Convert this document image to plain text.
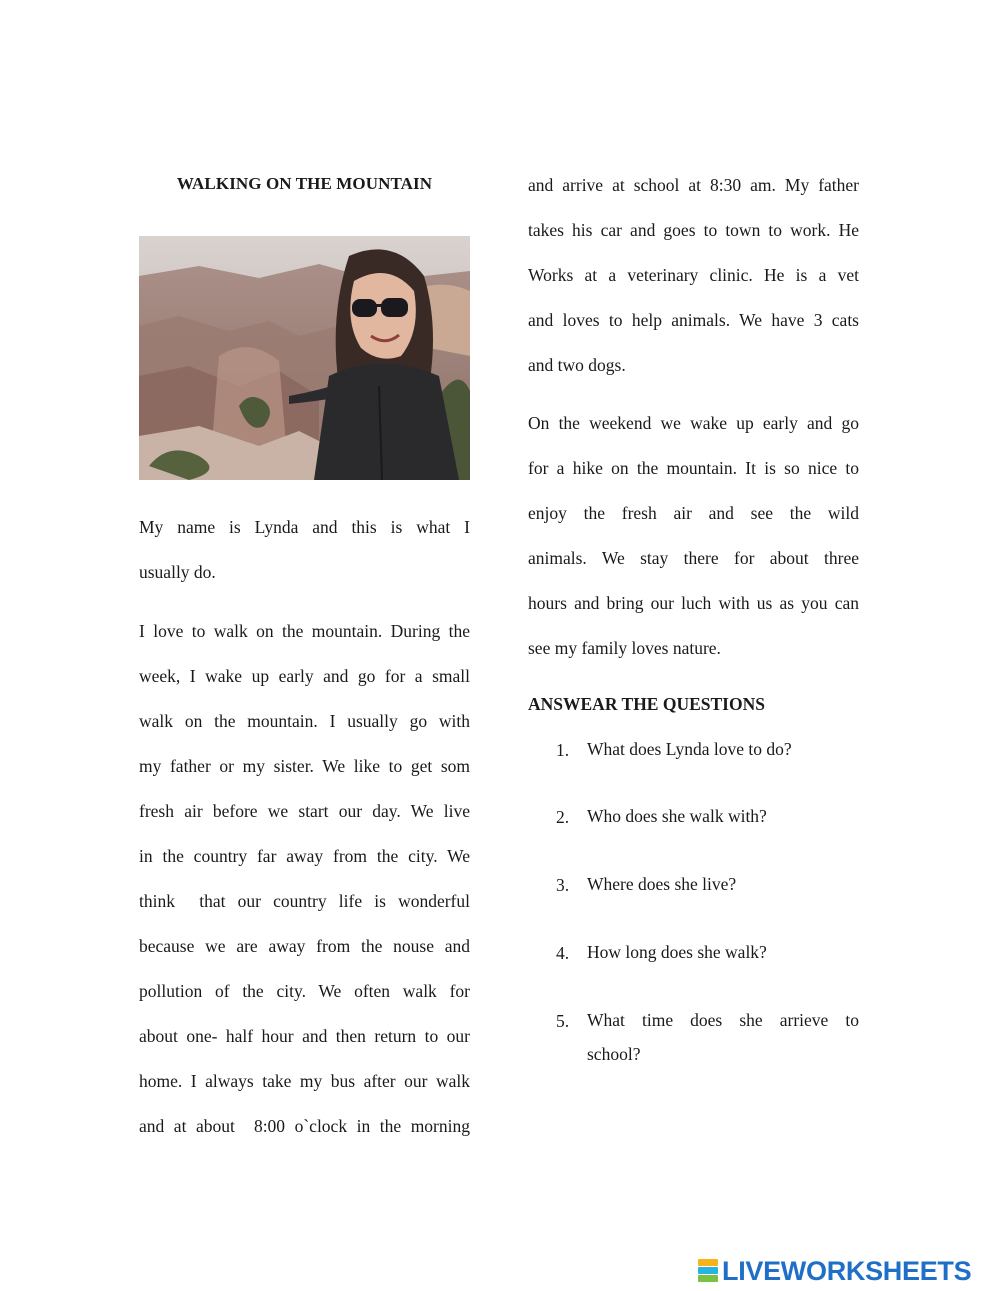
WALKING ON THE MOUNTAIN

My name is Lynda and this is what I
usually do.

I love to walk on the mountain. During the
week, I wake up early and go for a small
walk on the mountain. I usually go with
my father or my sister. We like to get som
fresh air before we start our day. We live
in the country far away from the city. We
think  that our country life is wonderful
because we are away from the nouse and
pollution of the city. We often walk for
about one- half hour and then return to our
home. I always take my bus after our walk
and at about  8:00 o`clock in the morning

and arrive at school at 8:30 am. My father
takes his car and goes to town to work. He
Works at a veterinary clinic. He is a vet
and loves to help animals. We have 3 cats
and two dogs.

On the weekend we wake up early and go
for a hike on the mountain. It is so nice to
enjoy the fresh air and see the wild
animals. We stay there for about three
hours and bring our luch with us as you can
see my family loves nature.

ANSWEAR THE QUESTIONS
1. What does Lynda love to do?
2. Who does she walk with?
3. Where does she live?
4. How long does she walk?
5. What time does she arrieve to
school?
LIVEWORKSHEETS
